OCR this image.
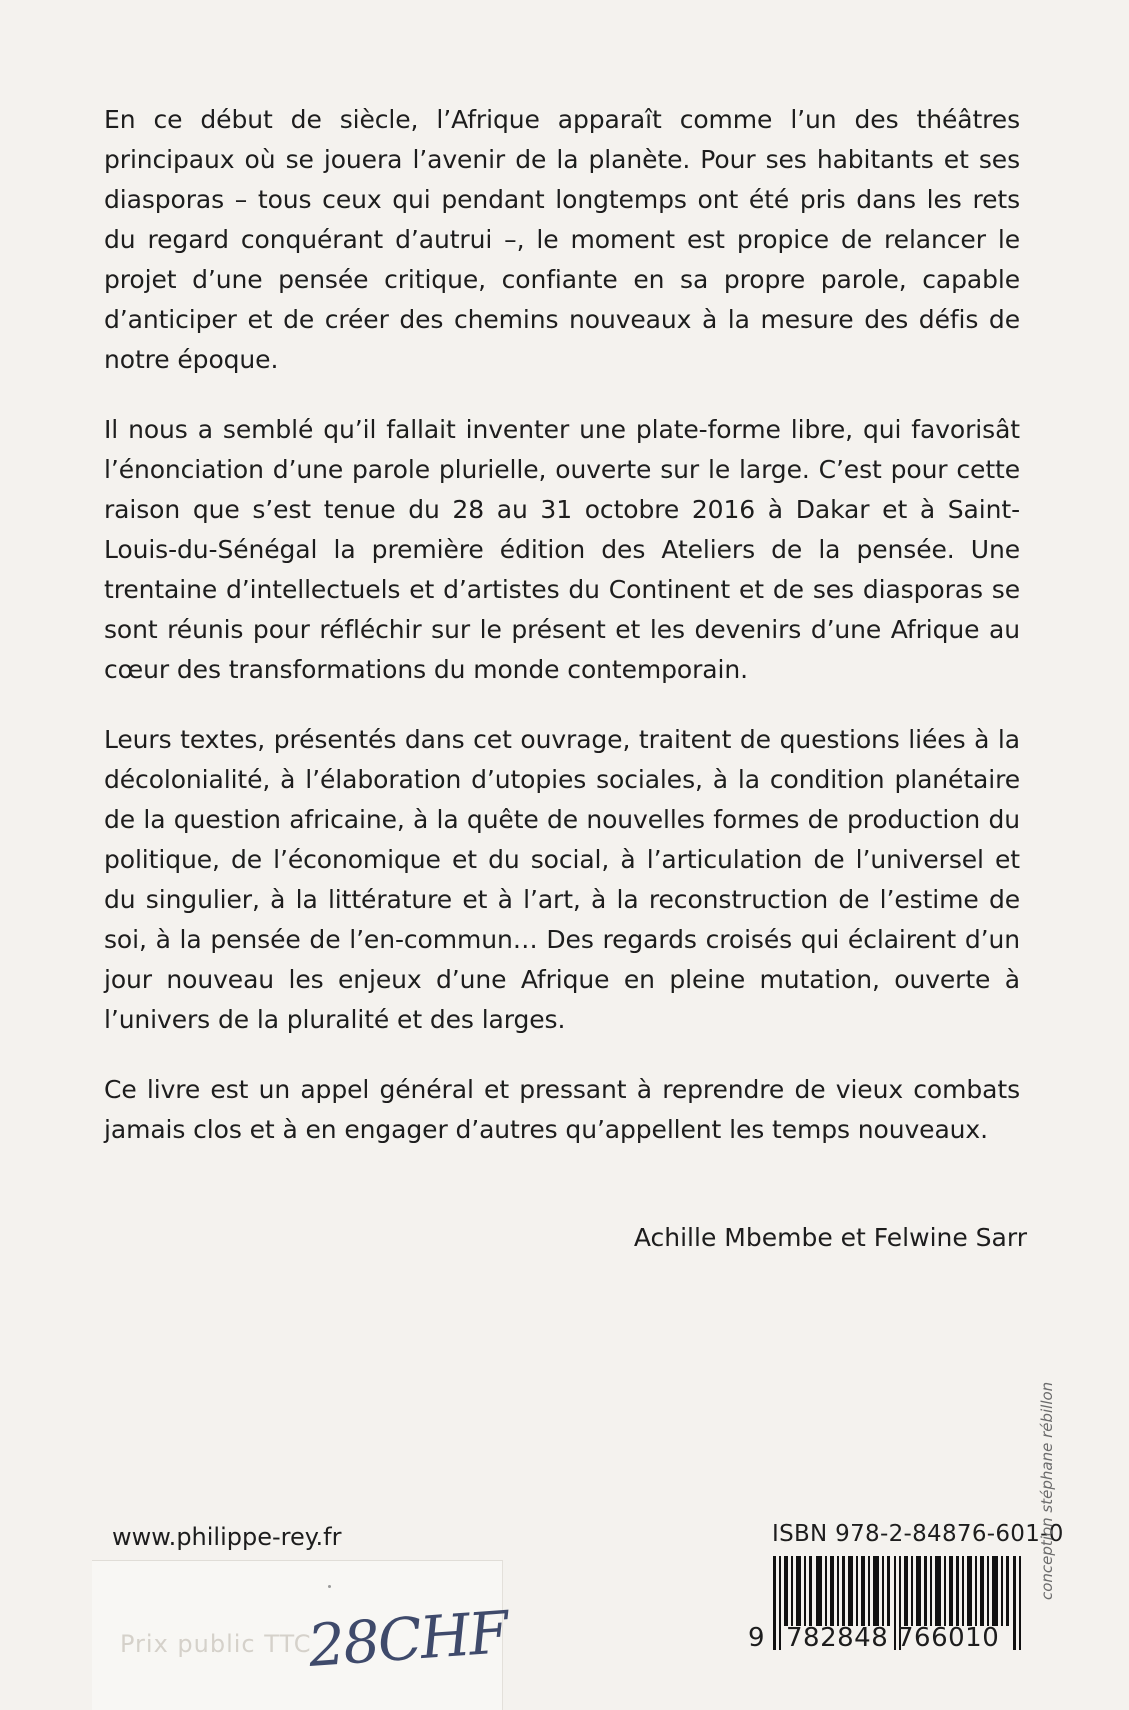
En ce début de siècle, l’Afrique apparaît comme l’un des théâtres principaux où se jouera l’avenir de la planète. Pour ses habitants et ses diasporas – tous ceux qui pendant longtemps ont été pris dans les rets du regard conquérant d’autrui –, le moment est propice de relancer le projet d’une pensée critique, confiante en sa propre parole, capable d’anticiper et de créer des chemins nouveaux à la mesure des défis de notre époque.

Il nous a semblé qu’il fallait inventer une plate-forme libre, qui favorisât l’énonciation d’une parole plurielle, ouverte sur le large. C’est pour cette raison que s’est tenue du 28 au 31 octobre 2016 à Dakar et à Saint-Louis-du-Sénégal la première édition des Ateliers de la pensée. Une trentaine d’intellectuels et d’artistes du Continent et de ses diasporas se sont réunis pour réfléchir sur le présent et les devenirs d’une Afrique au cœur des transformations du monde contemporain.

Leurs textes, présentés dans cet ouvrage, traitent de questions liées à la décolonialité, à l’élaboration d’utopies sociales, à la condition planétaire de la question africaine, à la quête de nouvelles formes de production du politique, de l’économique et du social, à l’articulation de l’universel et du singulier, à la littérature et à l’art, à la reconstruction de l’estime de soi, à la pensée de l’en-commun… Des regards croisés qui éclairent d’un jour nouveau les enjeux d’une Afrique en pleine mutation, ouverte à l’univers de la pluralité et des larges.

Ce livre est un appel général et pressant à reprendre de vieux combats jamais clos et à en engager d’autres qu’appellent les temps nouveaux.

Achille Mbembe et Felwine Sarr
www.philippe-rey.fr
Prix public TTC
28CHF
ISBN 978-2-84876-601-0
9 782848 766010
conception stéphane rébillon
